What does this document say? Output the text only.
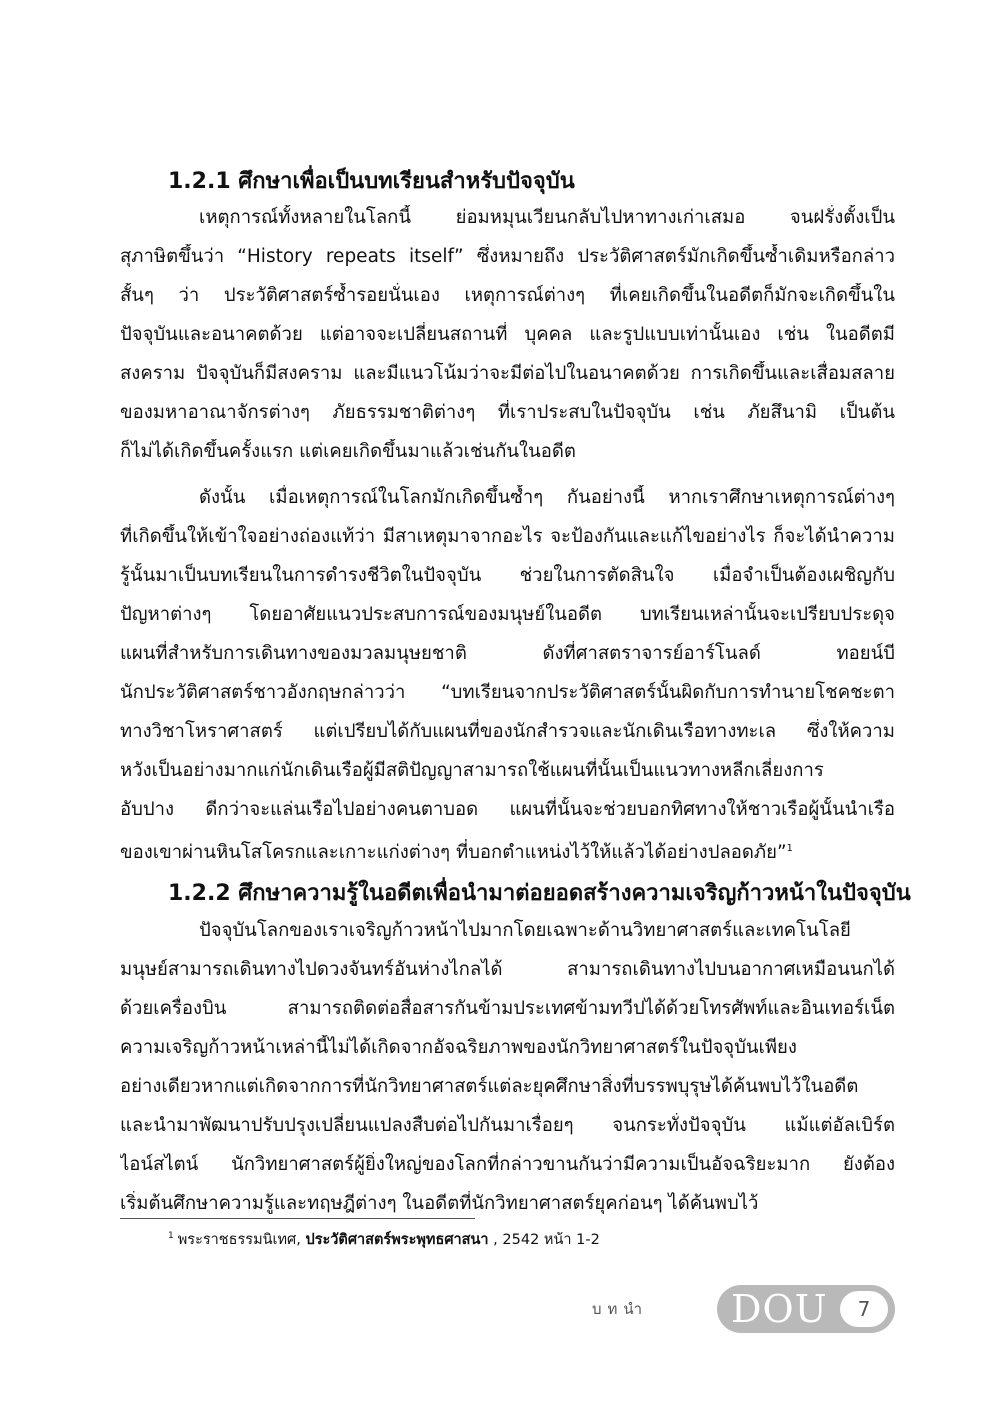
1.2.1 ศึกษาเพื่อเป็นบทเรียนสำหรับปัจจุบัน
เหตุการณ์ทั้งหลายในโลกนี้ ย่อมหมุนเวียนกลับไปหาทางเก่าเสมอ จนฝรั่งตั้งเป็น
สุภาษิตขึ้นว่า “History repeats itself” ซึ่งหมายถึง ประวัติศาสตร์มักเกิดขึ้นซ้ำเดิมหรือกล่าว
สั้นๆ ว่า ประวัติศาสตร์ซ้ำรอยนั่นเอง เหตุการณ์ต่างๆ ที่เคยเกิดขึ้นในอดีตก็มักจะเกิดขึ้นใน
ปัจจุบันและอนาคตด้วย แต่อาจจะเปลี่ยนสถานที่ บุคคล และรูปแบบเท่านั้นเอง เช่น ในอดีตมี
สงคราม ปัจจุบันก็มีสงคราม และมีแนวโน้มว่าจะมีต่อไปในอนาคตด้วย การเกิดขึ้นและเสื่อมสลาย
ของมหาอาณาจักรต่างๆ ภัยธรรมชาติต่างๆ ที่เราประสบในปัจจุบัน เช่น ภัยสึนามิ เป็นต้น
ก็ไม่ได้เกิดขึ้นครั้งแรก แต่เคยเกิดขึ้นมาแล้วเช่นกันในอดีต
ดังนั้น เมื่อเหตุการณ์ในโลกมักเกิดขึ้นซ้ำๆ กันอย่างนี้ หากเราศึกษาเหตุการณ์ต่างๆ
ที่เกิดขึ้นให้เข้าใจอย่างถ่องแท้ว่า มีสาเหตุมาจากอะไร จะป้องกันและแก้ไขอย่างไร ก็จะได้นำความ
รู้นั้นมาเป็นบทเรียนในการดำรงชีวิตในปัจจุบัน ช่วยในการตัดสินใจ เมื่อจำเป็นต้องเผชิญกับ
ปัญหาต่างๆ โดยอาศัยแนวประสบการณ์ของมนุษย์ในอดีต บทเรียนเหล่านั้นจะเปรียบประดุจ
แผนที่สำหรับการเดินทางของมวลมนุษยชาติ ดังที่ศาสตราจารย์อาร์โนลด์ ทอยน์บี
นักประวัติศาสตร์ชาวอังกฤษกล่าวว่า “บทเรียนจากประวัติศาสตร์นั้นผิดกับการทำนายโชคชะตา
ทางวิชาโหราศาสตร์ แต่เปรียบได้กับแผนที่ของนักสำรวจและนักเดินเรือทางทะเล ซึ่งให้ความ
หวังเป็นอย่างมากแก่นักเดินเรือผู้มีสติปัญญาสามารถใช้แผนที่นั้นเป็นแนวทางหลีกเลี่ยงการ
อับปาง ดีกว่าจะแล่นเรือไปอย่างคนตาบอด แผนที่นั้นจะช่วยบอกทิศทางให้ชาวเรือผู้นั้นนำเรือ
ของเขาผ่านหินโสโครกและเกาะแก่งต่างๆ ที่บอกตำแหน่งไว้ให้แล้วได้อย่างปลอดภัย”$^1$
1.2.2 ศึกษาความรู้ในอดีตเพื่อนำมาต่อยอดสร้างความเจริญก้าวหน้าในปัจจุบัน
ปัจจุบันโลกของเราเจริญก้าวหน้าไปมากโดยเฉพาะด้านวิทยาศาสตร์และเทคโนโลยี
มนุษย์สามารถเดินทางไปดวงจันทร์อันห่างไกลได้ สามารถเดินทางไปบนอากาศเหมือนนกได้
ด้วยเครื่องบิน สามารถติดต่อสื่อสารกันข้ามประเทศข้ามทวีปได้ด้วยโทรศัพท์และอินเทอร์เน็ต
ความเจริญก้าวหน้าเหล่านี้ไม่ได้เกิดจากอัจฉริยภาพของนักวิทยาศาสตร์ในปัจจุบันเพียง
อย่างเดียวหากแต่เกิดจากการที่นักวิทยาศาสตร์แต่ละยุคศึกษาสิ่งที่บรรพบุรุษได้ค้นพบไว้ในอดีต
และนำมาพัฒนาปรับปรุงเปลี่ยนแปลงสืบต่อไปกันมาเรื่อยๆ จนกระทั่งปัจจุบัน แม้แต่อัลเบิร์ต
ไอน์สไตน์ นักวิทยาศาสตร์ผู้ยิ่งใหญ่ของโลกที่กล่าวขานกันว่ามีความเป็นอัจฉริยะมาก ยังต้อง
เริ่มต้นศึกษาความรู้และทฤษฎีต่างๆ ในอดีตที่นักวิทยาศาสตร์ยุคก่อนๆ ได้ค้นพบไว้
$^1$ พระราชธรรมนิเทศ, ประวัติศาสตร์พระพุทธศาสนา , 2542 หน้า 1-2
บทนำ DOU	7
